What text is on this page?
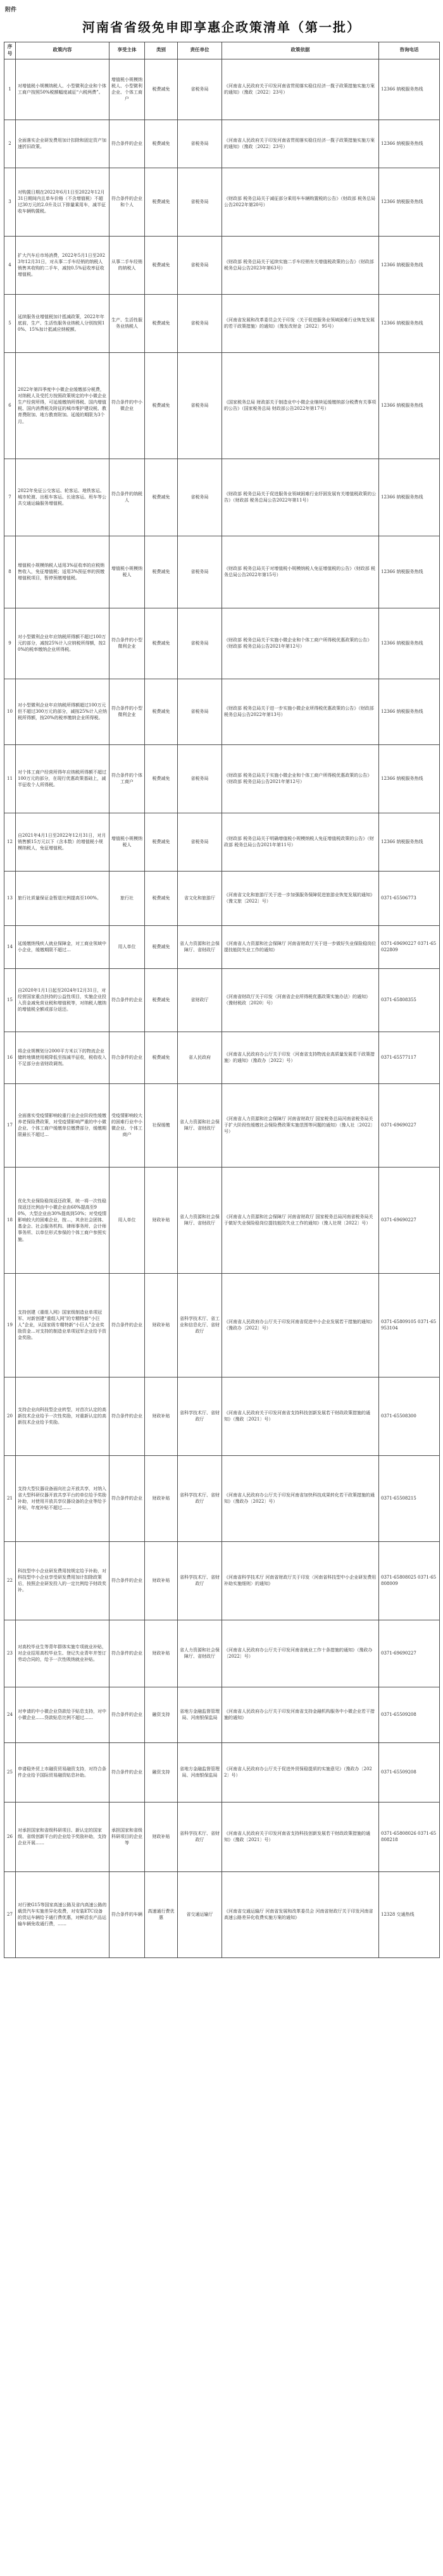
附件
河南省省级免申即享惠企政策清单（第一批）
序号	政策内容	享受主体	类别	责任单位	政策依据	咨询电话
1	对增值税小规模纳税人、小型微利企业和个体工商户按照50%税额幅度减征“六税两费”。	增值税小规模纳税人、小型微利企业、个体工商户	税费减免	省税务局	《河南省人民政府关于印发河南省贯彻落实稳住经济一揽子政策措施实施方案的通知》（豫政〔2022〕23号）	12366 纳税服务热线
2	全面落实企业研发费用加计扣除和固定资产加速折旧政策。	符合条件的企业	税费减免	省税务局	《河南省人民政府关于印发河南省贯彻落实稳住经济一揽子政策措施实施方案的通知》（豫政〔2022〕23号）	12366 纳税服务热线
3	对购置日期在2022年6月1日至2022年12月31日期间内且单车价格（不含增值税）不超过30万元的2.0升及以下排量乘用车，减半征收车辆购置税。	符合条件的企业和个人	税费减免	省税务局	《财政部 税务总局关于减征部分乘用车车辆购置税的公告》（财政部 税务总局公告2022年第20号）	12366 纳税服务热线
4	扩大汽车后市场消费，2022年5月1日至2023年12月31日，对从事二手车经销的纳税人销售其收购的二手车，减按0.5%征收率征收增值税。	从事二手车经销的纳税人	税费减免	省税务局	《财政部 税务总局关于延续实施二手车经销有关增值税政策的公告》（财政部 税务总局公告2023年第63号）	12366 纳税服务热线
5	延续服务业增值税加计抵减政策，2022年年底前，生产、生活性服务业纳税人分别按照10%、15%加计抵减应纳税额。	生产、生活性服务业纳税人	税费减免	省税务局	《河南省发展和改革委员会关于印发〈关于促进服务业领域困难行业恢复发展的若干政策措施〉的通知》（豫发改财金〔2022〕95号）	12366 纳税服务热线
6	2022年第四季度中小微企业缓缴部分税费，对纳税人及受托方按照政策规定的中小微企业生产经营所得，可延缓缴纳所得税、国内增值税、国内消费税及附征的城市维护建设税、教育费附加、地方教育附加。延缓的期限为3个月。	符合条件的中小微企业	税费减免	省税务局	《国家税务总局 财政部关于制造业中小微企业继续延缓缴纳部分税费有关事项的公告》（国家税务总局 财政部公告2022年第17号）	12366 纳税服务热线
7	2022年免征公交客运、轮客运、地铁客运、城市轮渡、出租车客运、长途客运、班车等公共交通运输服务增值税。	符合条件的纳税人	税费减免	省税务局	《财政部 税务总局关于促进服务业领域困难行业纾困发展有关增值税政策的公告》（财政部 税务总局公告2022年第11号）	12366 纳税服务热线
8	增值税小规模纳税人适用3%征收率的应税销售收入，免征增值税；适用3%预征率的预缴增值税项目，暂停预缴增值税。	增值税小规模纳税人	税费减免	省税务局	《财政部 税务总局关于对增值税小规模纳税人免征增值税的公告》（财政部 税务总局公告2022年第15号）	12366 纳税服务热线
9	对小型微利企业年应纳税所得额不超过100万元的部分，减按25%计入应纳税所得额，按20%的税率缴纳企业所得税。	符合条件的小型微利企业	税费减免	省税务局	《财政部 税务总局关于实施小微企业和个体工商户所得税优惠政策的公告》（财政部 税务总局公告2021年第12号）	12366 纳税服务热线
10	对小型微利企业年应纳税所得额超过100万元但不超过300万元的部分，减按25%计入应纳税所得额，按20%的税率缴纳企业所得税。	符合条件的小型微利企业	税费减免	省税务局	《财政部 税务总局关于进一步实施小微企业所得税优惠政策的公告》（财政部 税务总局公告2022年第13号）	12366 纳税服务热线
11	对个体工商户经营所得年应纳税所得额不超过100万元的部分，在现行优惠政策基础上，减半征收个人所得税。	符合条件的个体工商户	税费减免	省税务局	《财政部 税务总局关于实施小微企业和个体工商户所得税优惠政策的公告》（财政部 税务总局公告2021年第12号）	12366 纳税服务热线
12	自2021年4月1日至2022年12月31日，对月销售额15万元以下（含本数）的增值税小规模纳税人，免征增值税。	增值税小规模纳税人	税费减免	省税务局	《财政部 税务总局关于明确增值税小规模纳税人免征增值税政策的公告》（财政部 税务总局公告2021年第11号）	12366 纳税服务热线
13	旅行社质量保证金暂退比例提高至100%。	旅行社	税费减免	省文化和旅游厅	《河南省文化和旅游厅关于进一步加强服务保障促进旅游业恢复发展的通知》（豫文旅〔2022〕号）	0371-65506773
14	延缓缴纳残疾人就业保障金，对工商业领域中小企业，缓缴期限不超过…	用人单位	税费减免	省人力资源和社会保障厅、省财政厅	《河南省人力资源和社会保障厅 河南省财政厅关于进一步做好失业保险稳岗位提技能防失业工作的通知》	0371-69690227 0371-65022809
15	自2020年1月1日起至2024年12月31日，对经营国家重点扶持的公益性项目，实施企业投入资金减免营业税和增值税等，对纳税人缴纳的增值税全额或部分返还。	符合条件的企业	税费减免	省财政厅	《河南省财政厅关于印发〈河南省企业所得税优惠政策实施办法〉的通知》（豫财税政〔2020〕号）	0371-65808355
16	将企业规模划分2000平方米以下的物流企业储转地镇使用税降低至按减半征收，税收收入不足部分由省财政调剂。	符合条件的企业	税费减免	省人民政府	《河南省人民政府办公厅关于印发〈河南省支持物流业高质量发展若干政策措施〉的通知》（豫政办〔2022〕号）	0371-65577117
17	全面落实受疫情影响较重行业企业阶段性缓缴养老保险费政策，对受疫情影响严重的中小微企业、个体工商户缓缴单位缴费部分，缓缴期限最长不超过…	受疫情影响较大的困难行业中小微企业、个体工商户	社保缓缴	省人力资源和社会保障厅、省财政厅	《河南省人力资源和社会保障厅 河南省财政厅 国家税务总局河南省税务局关于扩大阶段性缓缴社会保险费政策实施范围等问题的通知》（豫人社〔2022〕号）	0371-69690227
18	优化失业保险稳岗返还政策，统一将一次性稳岗返还比例由中小微企业由60%提高至90%，大型企业由30%提高到50%；对受疫情影响较大的困难企业，按…，其余社会团体、基金会、社会服务机构、律师事务所、会计师事务所、以单位形式参保的个体工商户参照实施。	用人单位	财政补贴	省人力资源和社会保障厅、省财政厅	《河南省人力资源和社会保障厅 河南省财政厅 国家税务总局河南省税务局关于做好失业保险稳岗位提技能防失业工作的通知》（豫人社规〔2022〕号）	0371-69690227
19	支持创建《重组入网》国家级制造业单项冠军、对新创建“重组入网”的专精特新“小巨人”企业，从国家级专精特新“小巨人”企业奖励资金…对支持的制造业单项冠军企业给予资金奖励。	符合条件的企业	财政补贴	省科学技术厅、省工业和信息化厅、省财政厅	《河南省人民政府办公厅关于印发河南省促进中小企业发展若干措施的通知》（豫政办〔2022〕号）	0371-65809105 0371-65953104
20	支持企业向科技型企业转型，对首次认定的高新技术企业给予一次性奖励，对重新认定的高新技术企业给予奖励。	符合条件的企业	财政补贴	省科学技术厅、省财政厅	《河南省人民政府关于印发河南省支持科技创新发展若干财政政策措施的通知》（豫政〔2021〕号）	0371-65508300
21	支持大型仪器设备面向社会开放共享，对纳入省大型科研仪器开放共享平台的单位给予奖励补助，对使用开放共享仪器设备的企业等给予补贴，年度补贴不超过……	符合条件的企业	财政补贴	省科学技术厅、省财政厅	《河南省人民政府办公厅关于印发河南省加快科技成果转化若干政策措施的通知》（豫政办〔2022〕号）	0371-65508215
22	科技型中小企业研发费用按规定给予补助，对科技型中小企业享受研发费用加计扣除政策后，按照企业研发投入的一定比例给予财政奖补。	符合条件的企业	财政补贴	省科学技术厅、省财政厅	《河南省科学技术厅 河南省财政厅关于印发〈河南省科技型中小企业研发费用补助实施细则〉的通知》	0371-65808025 0371-65808009
23	对高校毕业生等青年群体实施专项就业补贴，对企业招用高校毕业生、登记失业青年并签订劳动合同的，给予一次性吸纳就业补贴。	符合条件的企业	财政补贴	省人力资源和社会保障厅、省财政厅	《河南省人民政府办公厅关于印发河南省就业工作十条措施的通知》（豫政办〔2022〕号）	0371-69690227
24	对申请的中小微企业贷款给予贴息支持，对中小微企业……贷款贴息比例不超过……	符合条件的企业	融资支持	省地方金融监督管理局、河南银保监局	《河南省人民政府办公厅关于印发河南省支持金融机构服务中小微企业若干措施的通知》	0371-65509208
25	申请稳外贸上市融资贸易融资支持，对符合条件企业给予国际贸易融资贴息补助。	符合条件的企业	融资支持	省地方金融监督管理局、河南银保监局	《河南省人民政府办公厅关于促进外贸保稳提质的实施意见》（豫政办〔2022〕号）	0371-65509208
26	对承担国家和省级科研项目、新认定的国家级、省级创新平台的企业给予奖励补助，支持企业开展……	承担国家和省级科研项目的企业等	财政补贴	省科学技术厅、省财政厅	《河南省人民政府关于印发河南省支持科技创新发展若干财政政策措施的通知》（豫政〔2021〕号）	0371-65808026 0371-65808218
27	对行驶G15等国家高速公路及省内高速公路的载货汽车实施差异化收费，对安装ETC设备的货运车辆给予通行费优惠，对鲜活农产品运输车辆免收通行费，……	符合条件的车辆	高速通行费优惠	省交通运输厅	《河南省交通运输厅 河南省发展和改革委员会 河南省财政厅关于印发河南省高速公路差异化收费实施方案的通知》	12328 交通热线
